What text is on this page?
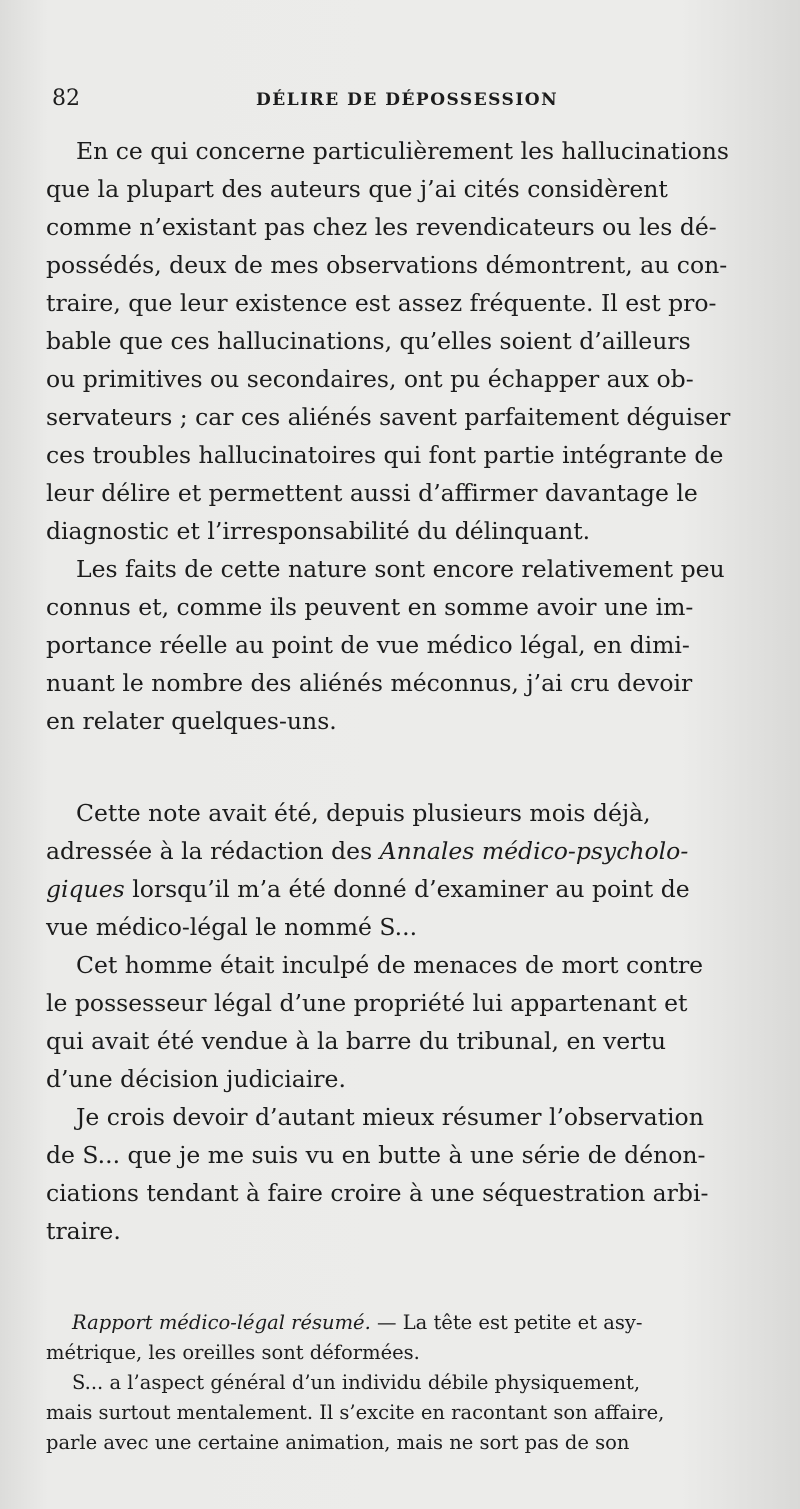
82	DÉLIRE DE DÉPOSSESSION
En ce qui concerne particulièrement les hallucinations
que la plupart des auteurs que j’ai cités considèrent
comme n’existant pas chez les revendicateurs ou les dé-
possédés, deux de mes observations démontrent, au con-
traire, que leur existence est assez fréquente. Il est pro-
bable que ces hallucinations, qu’elles soient d’ailleurs
ou primitives ou secondaires, ont pu échapper aux ob-
servateurs ; car ces aliénés savent parfaitement déguiser
ces troubles hallucinatoires qui font partie intégrante de
leur délire et permettent aussi d’affirmer davantage le
diagnostic et l’irresponsabilité du délinquant.
Les faits de cette nature sont encore relativement peu
connus et, comme ils peuvent en somme avoir une im-
portance réelle au point de vue médico légal, en dimi-
nuant le nombre des aliénés méconnus, j’ai cru devoir
en relater quelques-uns.
Cette note avait été, depuis plusieurs mois déjà,
adressée à la rédaction des Annales médico-psycholo-
giques lorsqu’il m’a été donné d’examiner au point de
vue médico-légal le nommé S...
Cet homme était inculpé de menaces de mort contre
le possesseur légal d’une propriété lui appartenant et
qui avait été vendue à la barre du tribunal, en vertu
d’une décision judiciaire.
Je crois devoir d’autant mieux résumer l’observation
de S... que je me suis vu en butte à une série de dénon-
ciations tendant à faire croire à une séquestration arbi-
traire.
Rapport médico-légal résumé. — La tête est petite et asy-
métrique, les oreilles sont déformées.
S... a l’aspect général d’un individu débile physiquement,
mais surtout mentalement. Il s’excite en racontant son affaire,
parle avec une certaine animation, mais ne sort pas de son
